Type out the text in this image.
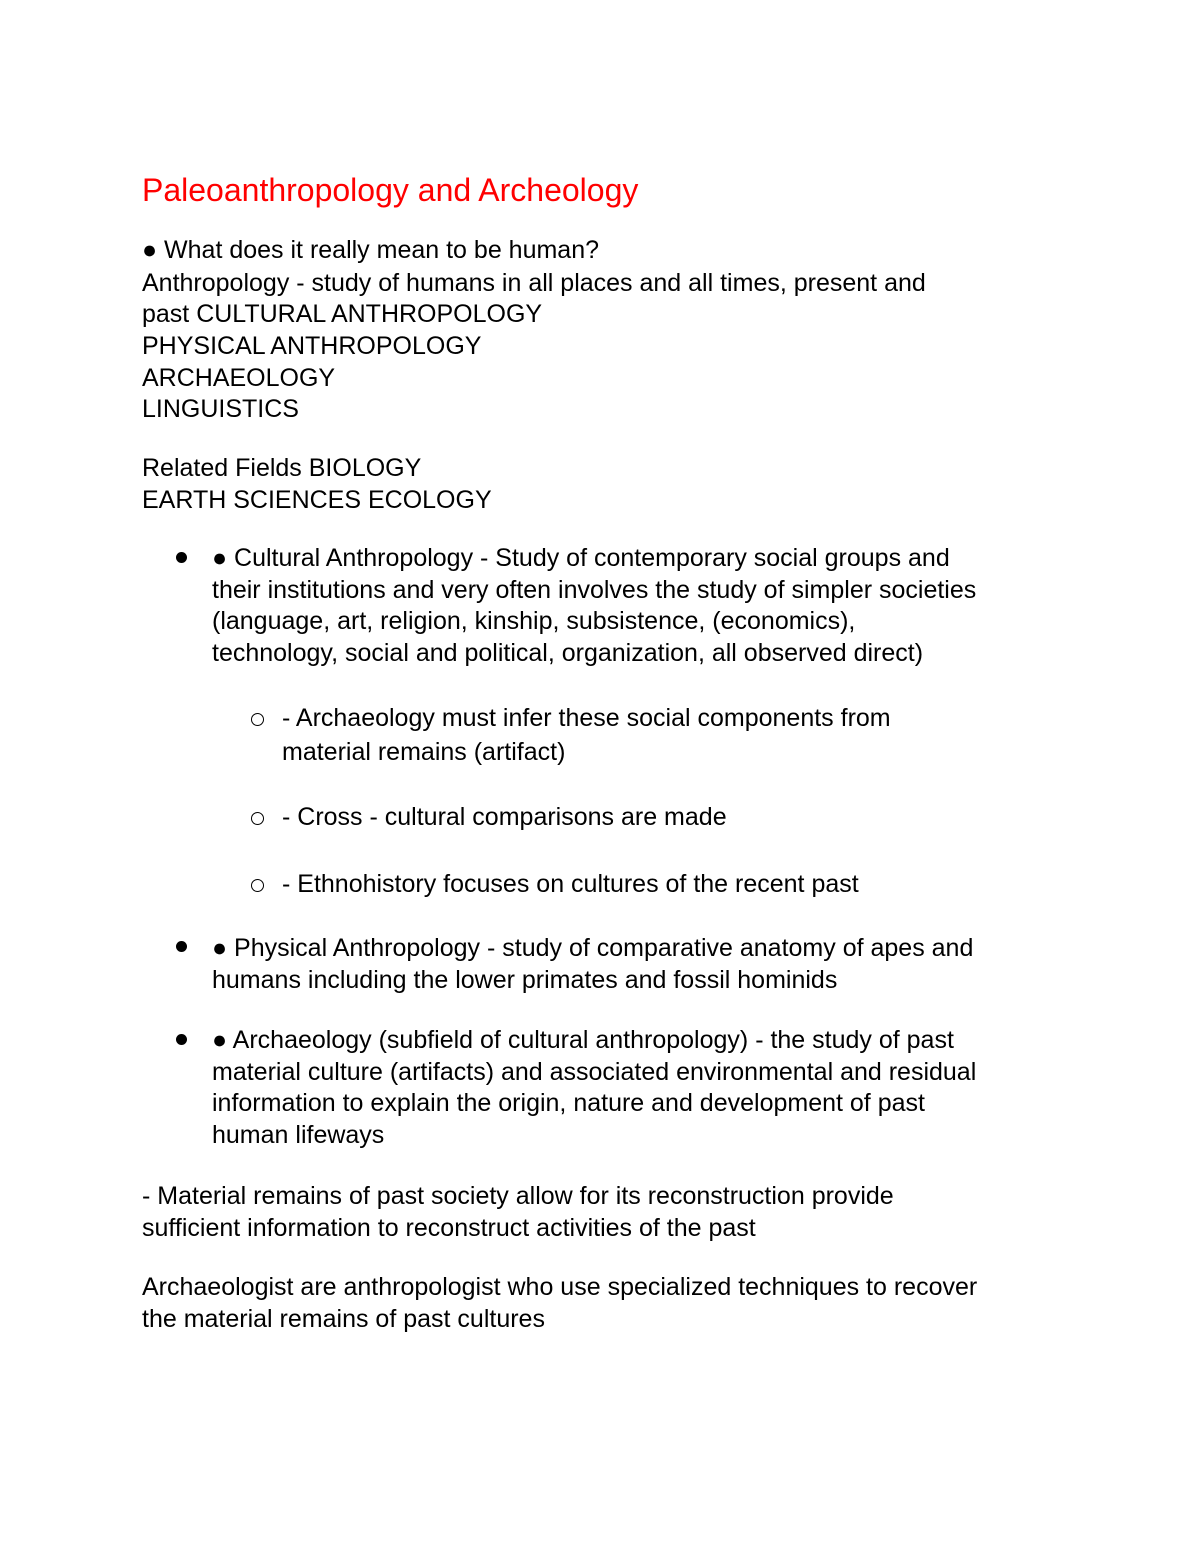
Paleoanthropology and Archeology
● What does it really mean to be human?
Anthropology - study of humans in all places and all times, present and
past CULTURAL ANTHROPOLOGY
PHYSICAL ANTHROPOLOGY
ARCHAEOLOGY
LINGUISTICS
Related Fields BIOLOGY
EARTH SCIENCES ECOLOGY
● Cultural Anthropology - Study of contemporary social groups and
their institutions and very often involves the study of simpler societies
(language, art, religion, kinship, subsistence, (economics),
technology, social and political, organization, all observed direct)
- Archaeology must infer these social components from
material remains (artifact)
- Cross - cultural comparisons are made
- Ethnohistory focuses on cultures of the recent past
● Physical Anthropology - study of comparative anatomy of apes and
humans including the lower primates and fossil hominids
● Archaeology (subfield of cultural anthropology) - the study of past
material culture (artifacts) and associated environmental and residual
information to explain the origin, nature and development of past
human lifeways
- Material remains of past society allow for its reconstruction provide
sufficient information to reconstruct activities of the past
Archaeologist are anthropologist who use specialized techniques to recover
the material remains of past cultures
